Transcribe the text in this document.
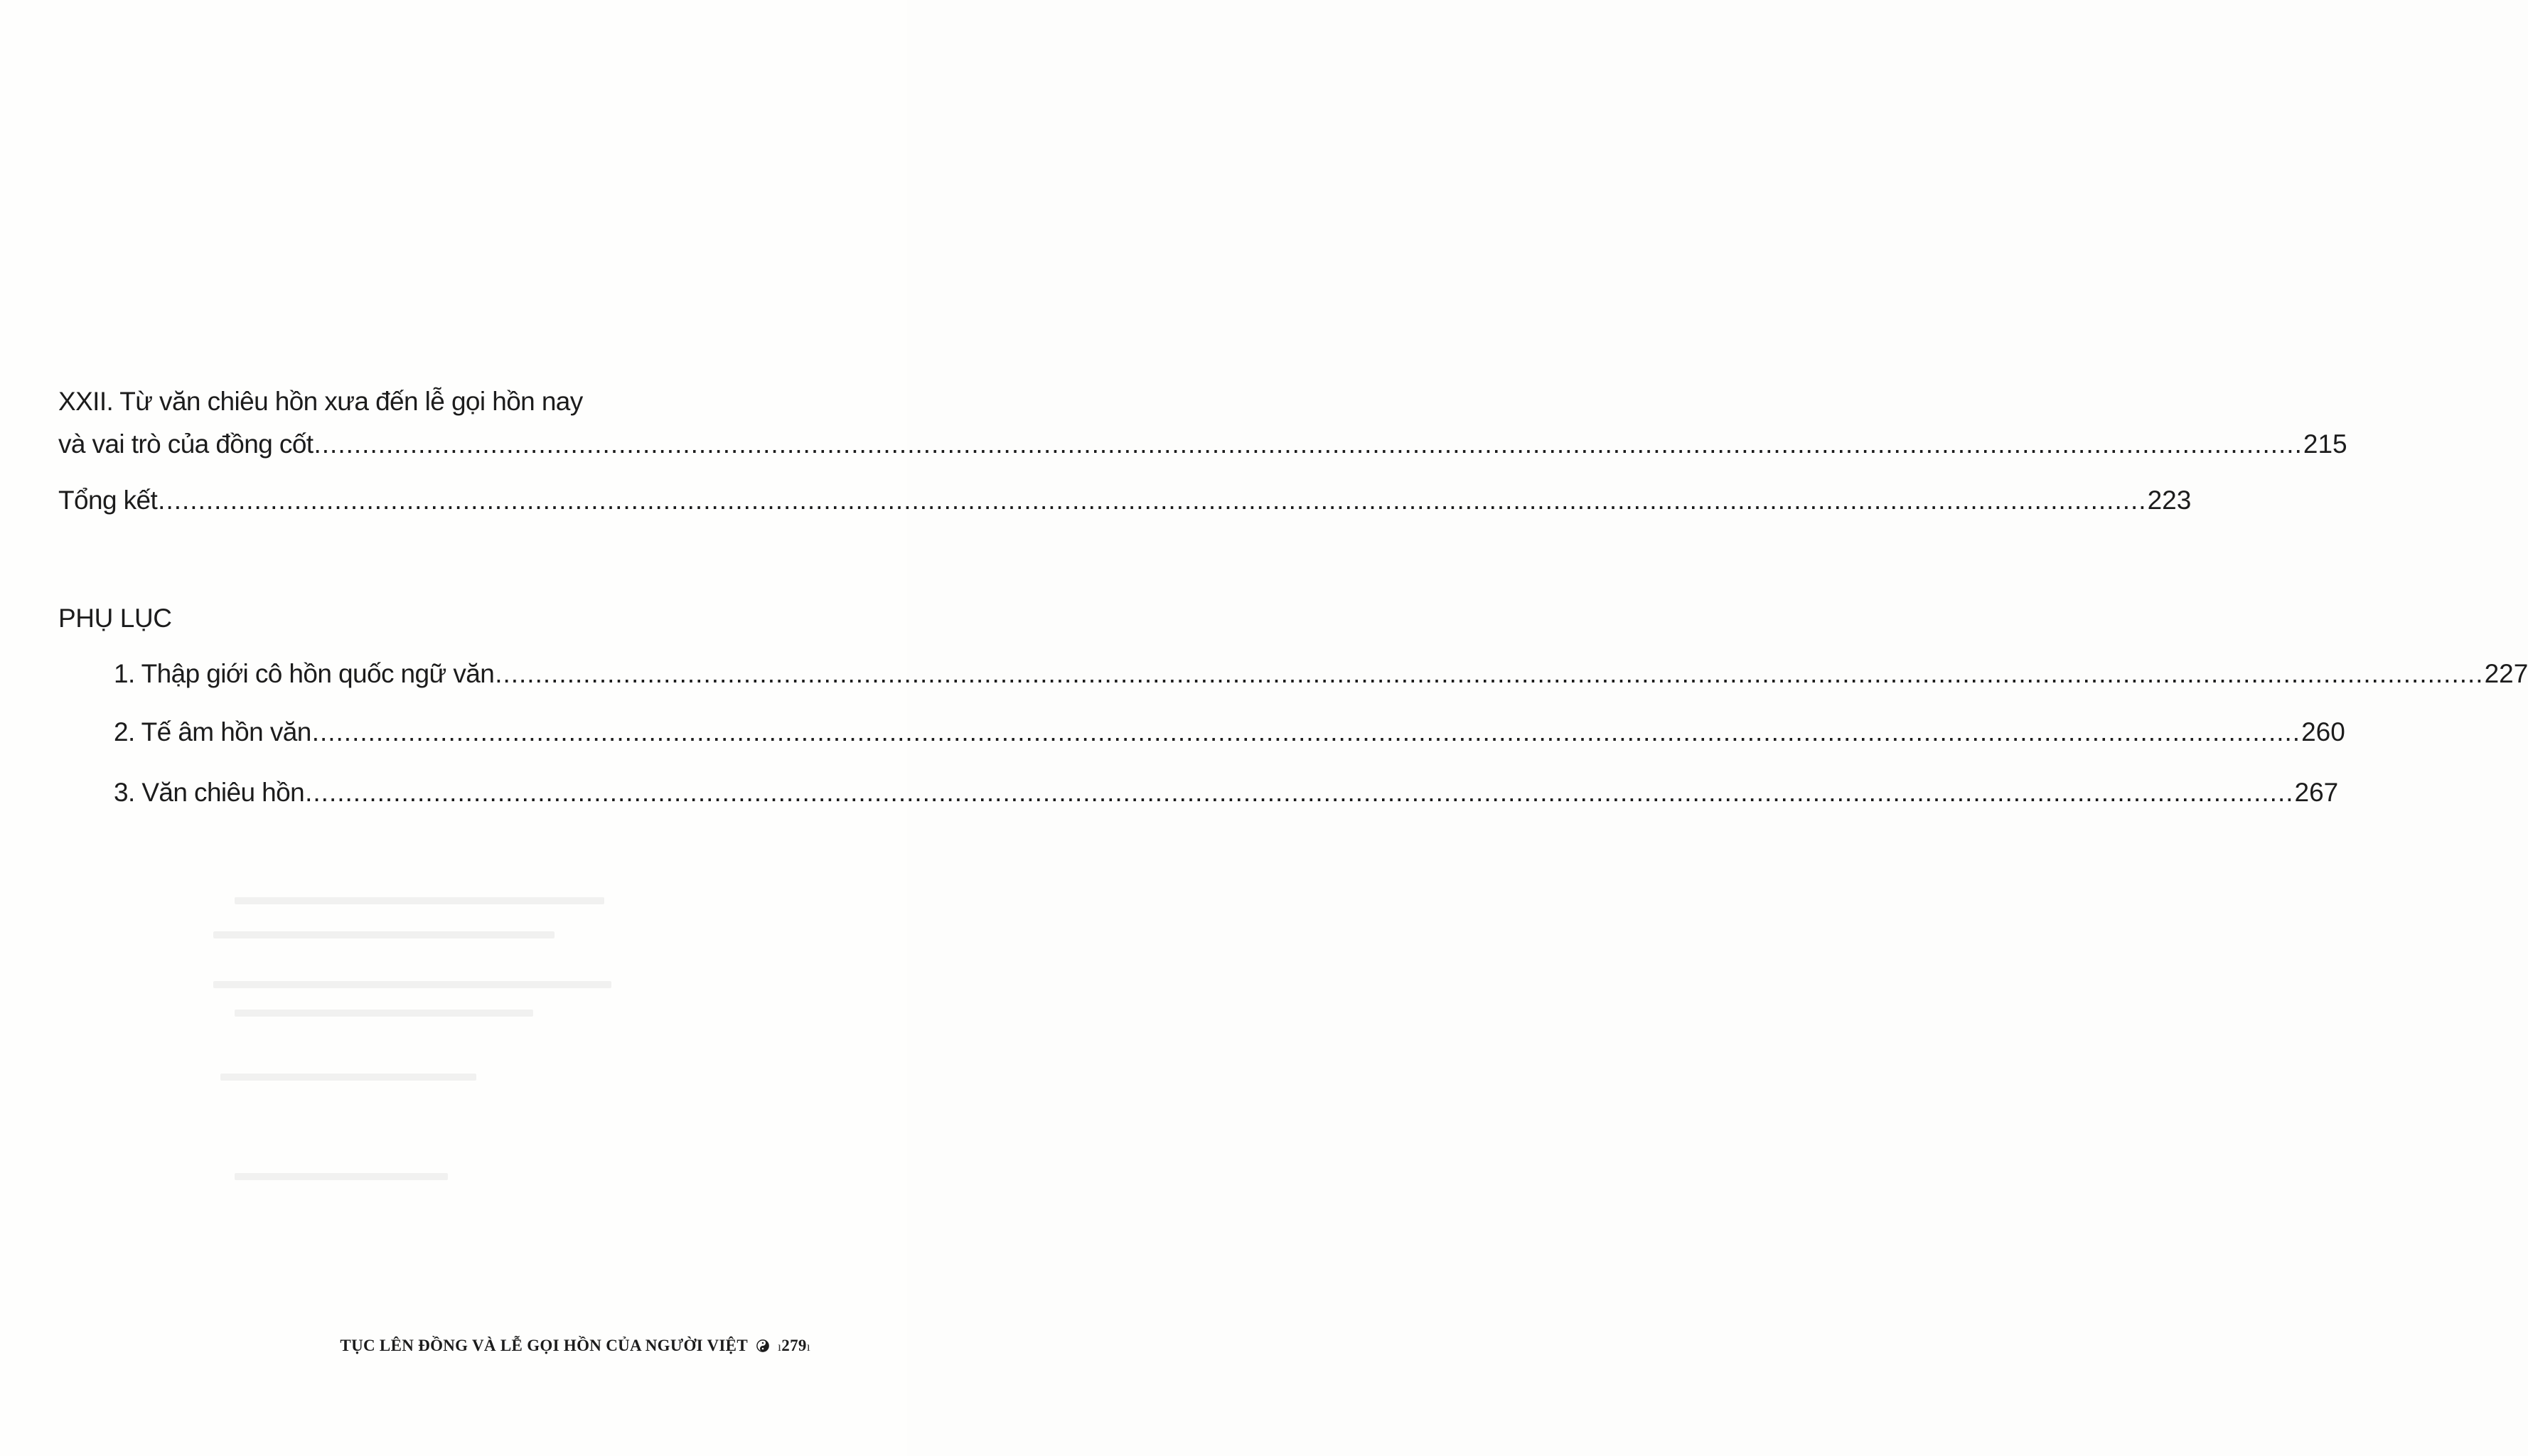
XXII. Từ văn chiêu hồn xưa đến lễ gọi hồn nay
và vai trò của đồng cốt ........................................................................................................................................................................................................................................................ 215
Tổng kết ........................................................................................................................................................................................................................................................ 223
PHỤ LỤC
1. Thập giới cô hồn quốc ngữ văn ........................................................................................................................................................................................................................................................ 227
2. Tế âm hồn văn ........................................................................................................................................................................................................................................................ 260
3. Văn chiêu hồn ........................................................................................................................................................................................................................................................ 267
TỤC LÊN ĐỒNG VÀ LỄ GỌI HỒN CỦA NGƯỜI VIỆT ı 279 ı
